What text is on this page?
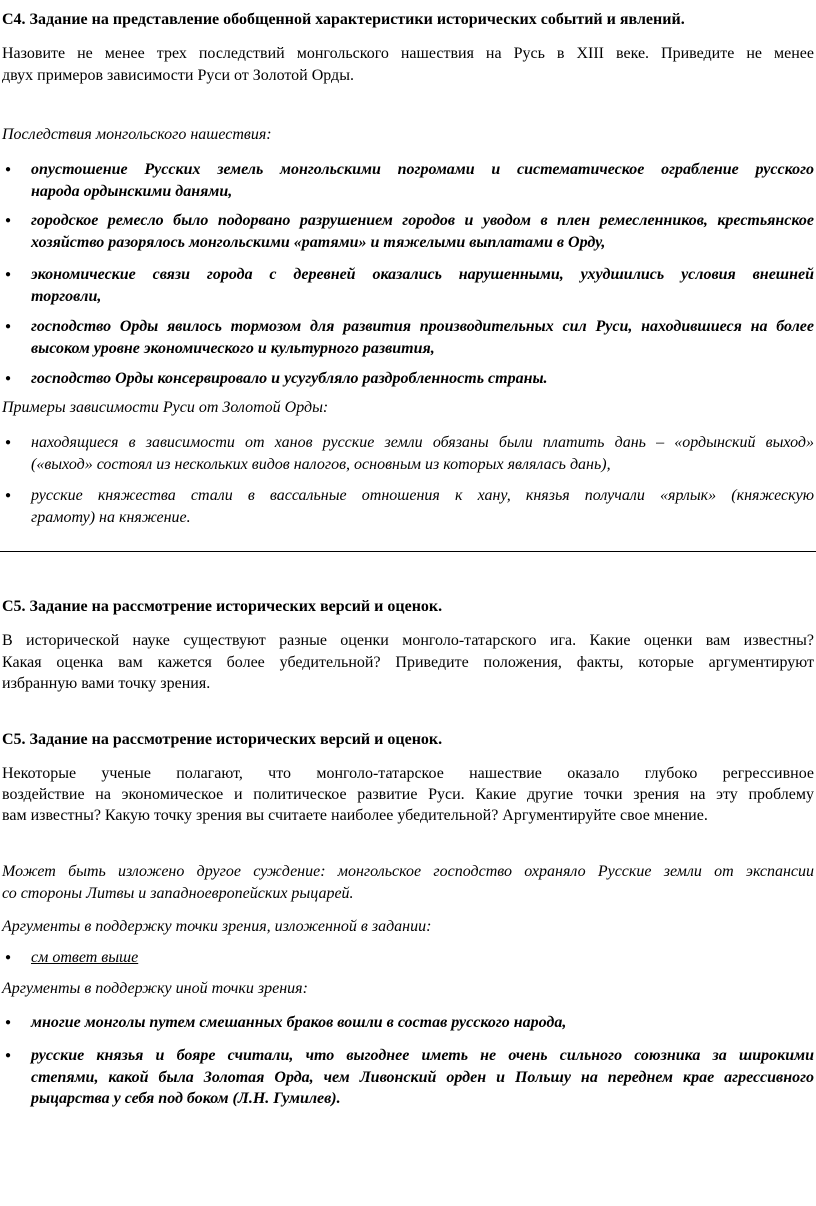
С4. Задание на представление обобщенной характеристики исторических событий и явлений.

Назовите не менее трех последствий монгольского нашествия на Русь в XIII веке. Приведите не менее

двух примеров зависимости Руси от Золотой Орды.

Последствия монгольского нашествия:

● опустошение Русских земель монгольскими погромами и систематическое ограбление русского

народа ордынскими данями,

● городское ремесло было подорвано разрушением городов и уводом в плен ремесленников, крестьянское

хозяйство разорялось монгольскими «ратями» и тяжелыми выплатами в Орду,

● экономические связи города с деревней оказались нарушенными, ухудшились условия внешней

торговли,

● господство Орды явилось тормозом для развития производительных сил Руси, находившиеся на более

высоком уровне экономического и культурного развития,

● господство Орды консервировало и усугубляло раздробленность страны.

Примеры зависимости Руси от Золотой Орды:

● находящиеся в зависимости от ханов русские земли обязаны были платить дань – «ордынский выход»

(«выход» состоял из нескольких видов налогов, основным из которых являлась дань),

● русские княжества стали в вассальные отношения к хану, князья получали «ярлык» (княжескую

грамоту) на княжение.

С5. Задание на рассмотрение исторических версий и оценок.

В исторической науке существуют разные оценки монголо-татарского ига. Какие оценки вам известны?

Какая оценка вам кажется более убедительной? Приведите положения, факты, которые аргументируют

избранную вами точку зрения.

С5. Задание на рассмотрение исторических версий и оценок.

Некоторые ученые полагают, что монголо-татарское нашествие оказало глубоко регрессивное

воздействие на экономическое и политическое развитие Руси. Какие другие точки зрения на эту проблему

вам известны? Какую точку зрения вы считаете наиболее убедительной? Аргументируйте свое мнение.

Может быть изложено другое суждение: монгольское господство охраняло Русские земли от экспансии

со стороны Литвы и западноевропейских рыцарей.

Аргументы в поддержку точки зрения, изложенной в задании:

● см ответ выше

Аргументы в поддержку иной точки зрения:

● многие монголы путем смешанных браков вошли в состав русского народа,

● русские князья и бояре считали, что выгоднее иметь не очень сильного союзника за широкими

степями, какой была Золотая Орда, чем Ливонский орден и Польшу на переднем крае агрессивного

рыцарства у себя под боком (Л.Н. Гумилев).
